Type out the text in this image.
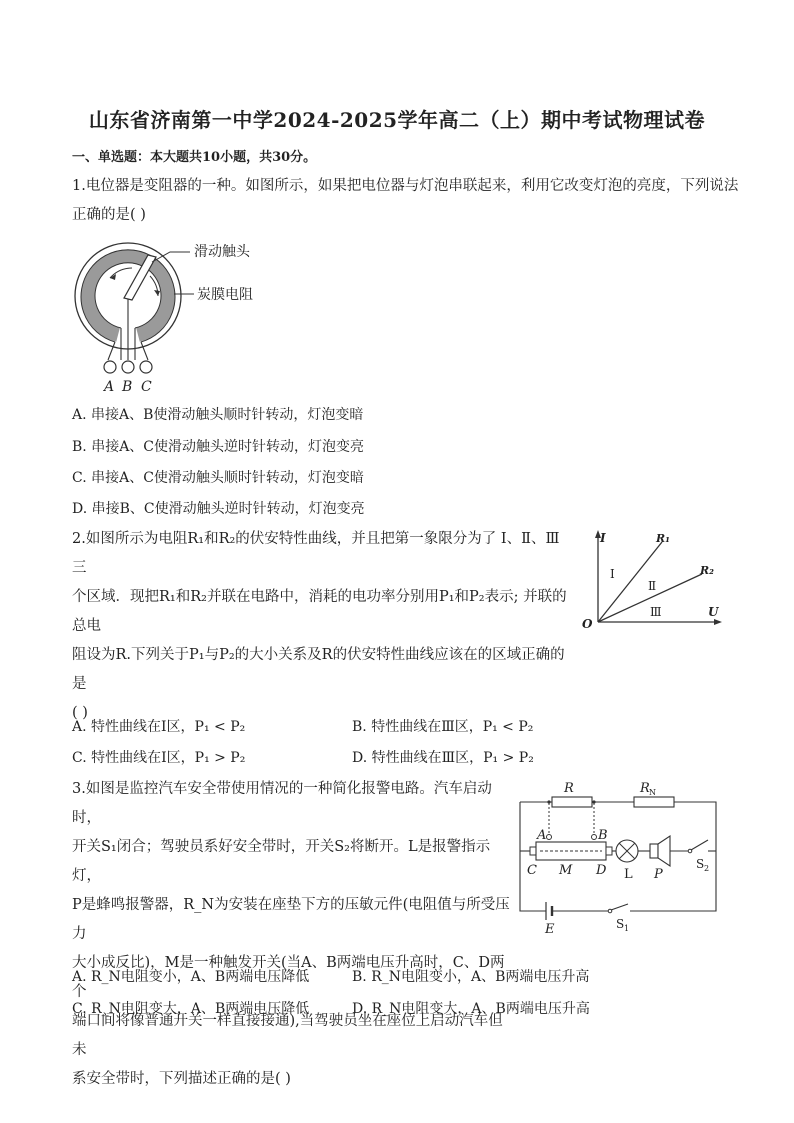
山东省济南第一中学2024-2025学年高二（上）期中考试物理试卷
一、单选题：本大题共10小题，共30分。
1.电位器是变阻器的一种。如图所示，如果把电位器与灯泡串联起来，利用它改变灯泡的亮度，下列说法
正确的是( )
滑动触头
炭膜电阻
A B C
A. 串接A、B使滑动触头顺时针转动，灯泡变暗
B. 串接A、C使滑动触头逆时针转动，灯泡变亮
C. 串接A、C使滑动触头顺时针转动，灯泡变暗
D. 串接B、C使滑动触头逆时针转动，灯泡变亮
2.如图所示为电阻R₁和R₂的伏安特性曲线，并且把第一象限分为了 Ⅰ、Ⅱ、Ⅲ三
个区域．现把R₁和R₂并联在电路中，消耗的电功率分别用P₁和P₂表示; 并联的总电
阻设为R.下列关于P₁与P₂的大小关系及R的伏安特性曲线应该在的区域正确的是
( )
I
U
O
R₁
R₂
Ⅰ
Ⅱ
Ⅲ
A. 特性曲线在Ⅰ区，P₁ < P₂	B. 特性曲线在Ⅲ区，P₁ < P₂
C. 特性曲线在Ⅰ区，P₁ > P₂	D. 特性曲线在Ⅲ区，P₁ > P₂
3.如图是监控汽车安全带使用情况的一种简化报警电路。汽车启动时，
开关S₁闭合；驾驶员系好安全带时，开关S₂将断开。L是报警指示灯，
P是蜂鸣报警器，R_N为安装在座垫下方的压敏元件(电阻值与所受压力
大小成反比)，M是一种触发开关(当A、B两端电压升高时，C、D两个
端口间将像普通开关一样直接接通),当驾驶员坐在座位上启动汽车但未
系安全带时，下列描述正确的是( )
R	R N
A	B
C M D L P
S 2
E	S 1
A. R_N电阻变小，A、B两端电压降低	B. R_N电阻变小，A、B两端电压升高
C. R_N电阻变大，A、B两端电压降低	D. R_N电阻变大，A、B两端电压升高
